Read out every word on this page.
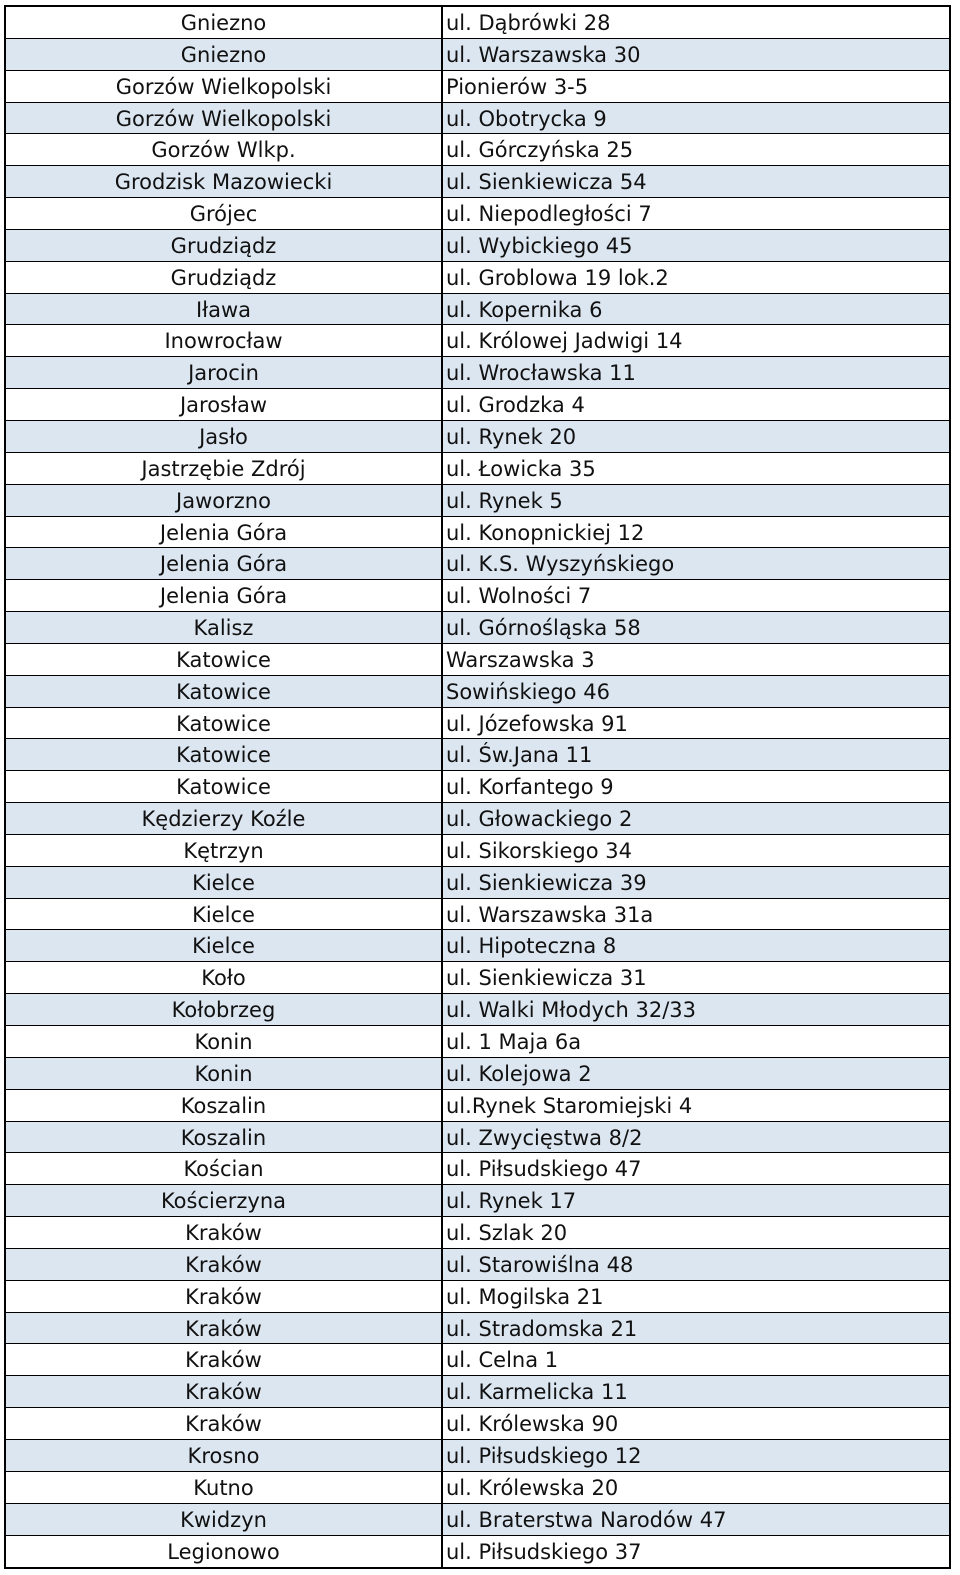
Gniezno	ul. Dąbrówki 28
Gniezno	ul. Warszawska 30
Gorzów Wielkopolski	Pionierów 3-5
Gorzów Wielkopolski	ul. Obotrycka 9
Gorzów Wlkp.	ul. Górczyńska 25
Grodzisk Mazowiecki	ul. Sienkiewicza 54
Grójec	ul. Niepodległości 7
Grudziądz	ul. Wybickiego 45
Grudziądz	ul. Groblowa 19 lok.2
Iława	ul. Kopernika 6
Inowrocław	ul. Królowej Jadwigi 14
Jarocin	ul. Wrocławska 11
Jarosław	ul. Grodzka 4
Jasło	ul. Rynek 20
Jastrzębie Zdrój	ul. Łowicka 35
Jaworzno	ul. Rynek 5
Jelenia Góra	ul. Konopnickiej 12
Jelenia Góra	ul. K.S. Wyszyńskiego
Jelenia Góra	ul. Wolności 7
Kalisz	ul. Górnośląska 58
Katowice	Warszawska 3
Katowice	Sowińskiego 46
Katowice	ul. Józefowska 91
Katowice	ul. Św.Jana 11
Katowice	ul. Korfantego 9
Kędzierzy Koźle	ul. Głowackiego 2
Kętrzyn	ul. Sikorskiego 34
Kielce	ul. Sienkiewicza 39
Kielce	ul. Warszawska 31a
Kielce	ul. Hipoteczna 8
Koło	ul. Sienkiewicza 31
Kołobrzeg	ul. Walki Młodych 32/33
Konin	ul. 1 Maja 6a
Konin	ul. Kolejowa 2
Koszalin	ul.Rynek Staromiejski 4
Koszalin	ul. Zwycięstwa 8/2
Kościan	ul. Piłsudskiego 47
Kościerzyna	ul. Rynek 17
Kraków	ul. Szlak 20
Kraków	ul. Starowiślna 48
Kraków	ul. Mogilska 21
Kraków	ul. Stradomska 21
Kraków	ul. Celna 1
Kraków	ul. Karmelicka 11
Kraków	ul. Królewska 90
Krosno	ul. Piłsudskiego 12
Kutno	ul. Królewska 20
Kwidzyn	ul. Braterstwa Narodów 47
Legionowo	ul. Piłsudskiego 37
